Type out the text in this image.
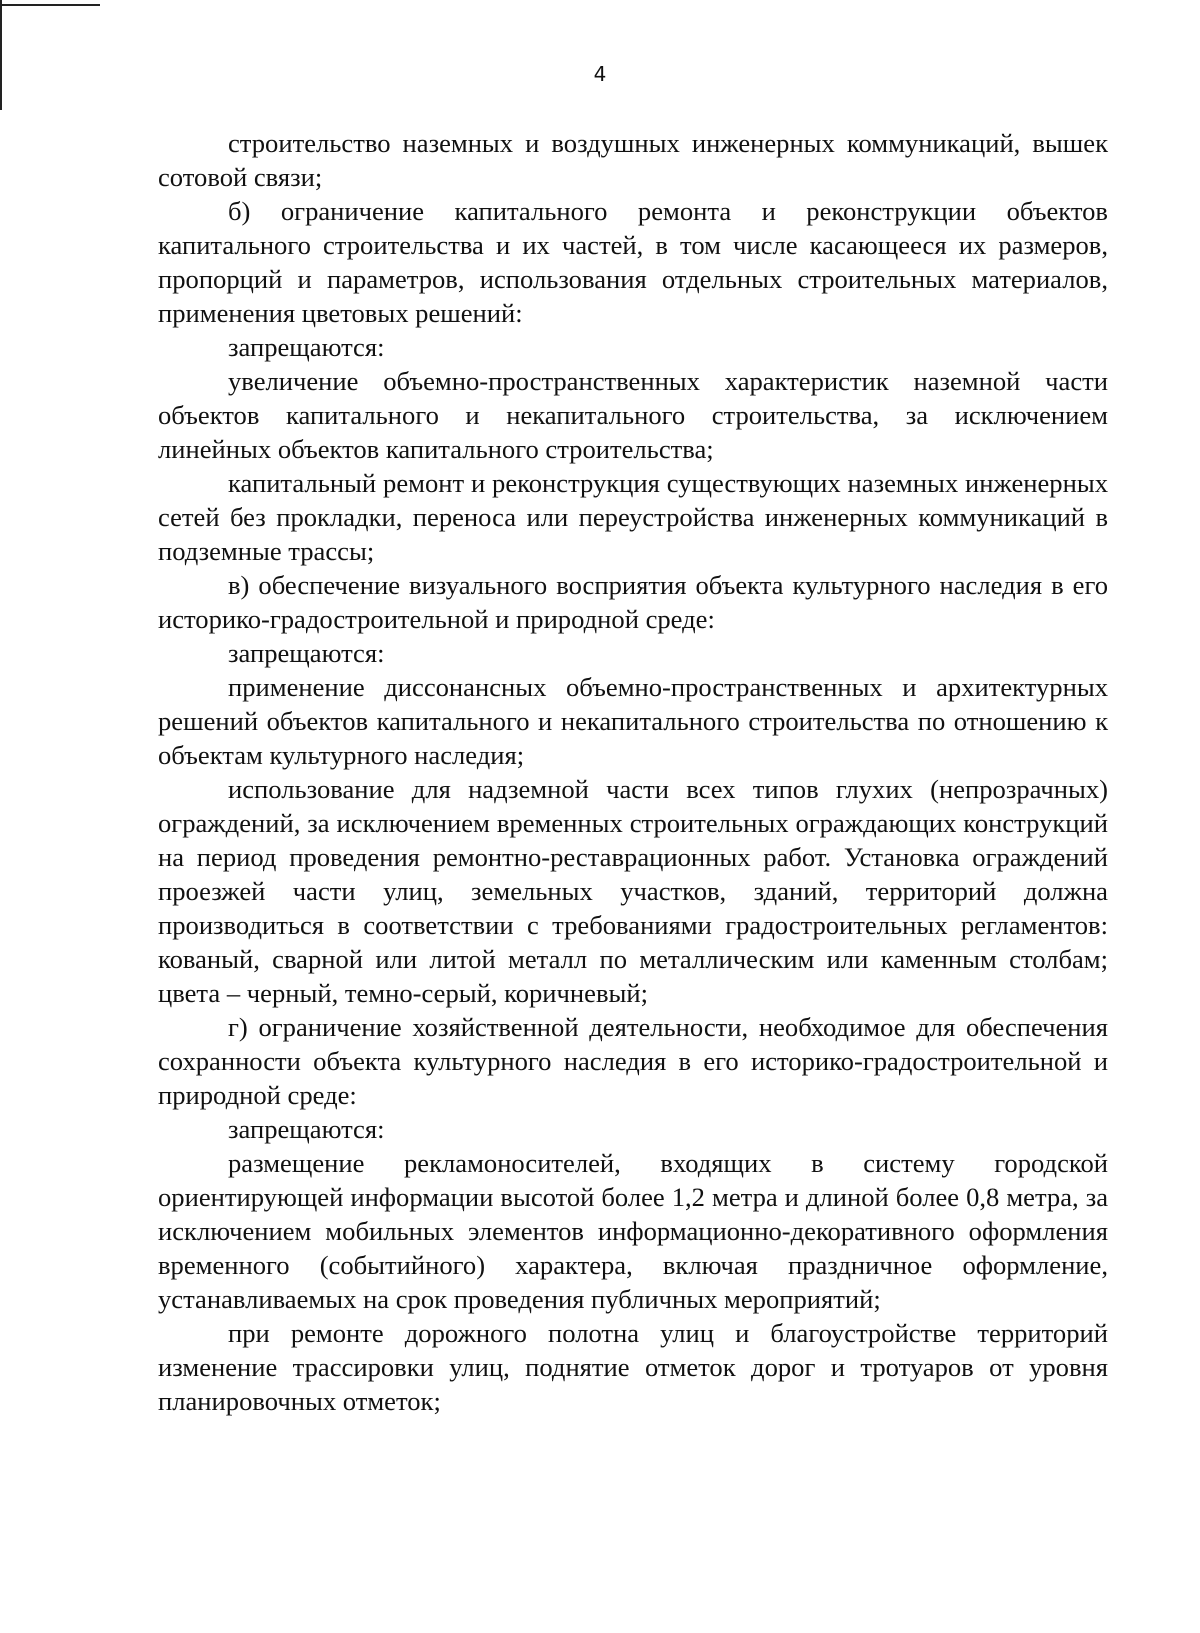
4

строительство наземных и воздушных инженерных коммуникаций, вышек сотовой связи;

б) ограничение капитального ремонта и реконструкции объектов капитального строительства и их частей, в том числе касающееся их размеров, пропорций и параметров, использования отдельных строительных материалов, применения цветовых решений:

запрещаются:

увеличение объемно-пространственных характеристик наземной части объектов капитального и некапитального строительства, за исключением линейных объектов капитального строительства;

капитальный ремонт и реконструкция существующих наземных инженерных сетей без прокладки, переноса или переустройства инженерных коммуникаций в подземные трассы;

в) обеспечение визуального восприятия объекта культурного наследия в его историко-градостроительной и природной среде:

запрещаются:

применение диссонансных объемно-пространственных и архитектурных решений объектов капитального и некапитального строительства по отношению к объектам культурного наследия;

использование для надземной части всех типов глухих (непрозрачных) ограждений, за исключением временных строительных ограждающих конструкций на период проведения ремонтно-реставрационных работ. Установка ограждений проезжей части улиц, земельных участков, зданий, территорий должна производиться в соответствии с требованиями градостроительных регламентов: кованый, сварной или литой металл по металлическим или каменным столбам; цвета – черный, темно-серый, коричневый;

г) ограничение хозяйственной деятельности, необходимое для обеспечения сохранности объекта культурного наследия в его историко-градостроительной и природной среде:

запрещаются:

размещение рекламоносителей, входящих в систему городской ориентирующей информации высотой более 1,2 метра и длиной более 0,8 метра, за исключением мобильных элементов информационно-декоративного оформления временного (событийного) характера, включая праздничное оформление, устанавливаемых на срок проведения публичных мероприятий;

при ремонте дорожного полотна улиц и благоустройстве территорий изменение трассировки улиц, поднятие отметок дорог и тротуаров от уровня планировочных отметок;
